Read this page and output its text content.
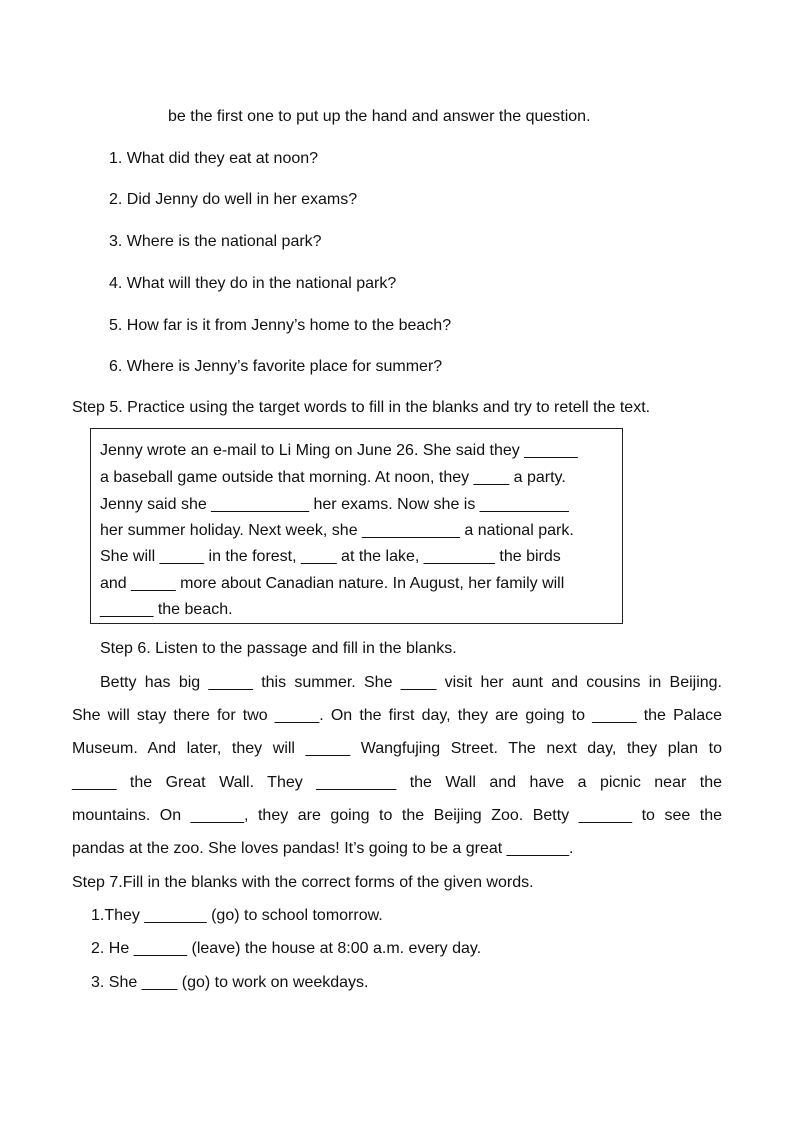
be the first one to put up the hand and answer the question.
1. What did they eat at noon?
2. Did Jenny do well in her exams?
3. Where is the national park?
4. What will they do in the national park?
5. How far is it from Jenny’s home to the beach?
6. Where is Jenny’s favorite place for summer?
Step 5. Practice using the target words to fill in the blanks and try to retell the text.
Jenny wrote an e-mail to Li Ming on June 26. She said they ______
a baseball game outside that morning. At noon, they ____ a party.
Jenny said she ___________ her exams. Now she is __________
her summer holiday. Next week, she ___________ a national park.
She will _____ in the forest, ____ at the lake, ________ the birds
and _____ more about Canadian nature. In August, her family will
______ the beach.
Step 6. Listen to the passage and fill in the blanks.
Betty has big _____ this summer. She ____ visit her aunt and cousins in Beijing.
She will stay there for two _____. On the first day, they are going to _____ the Palace
Museum. And later, they will _____ Wangfujing Street. The next day, they plan to
_____ the Great Wall. They _________ the Wall and have a picnic near the
mountains. On ______, they are going to the Beijing Zoo. Betty ______ to see the
pandas at the zoo. She loves pandas! It’s going to be a great _______.
Step 7.Fill in the blanks with the correct forms of the given words.
1.They _______ (go) to school tomorrow.
2. He ______ (leave) the house at 8:00 a.m. every day.
3. She ____ (go) to work on weekdays.
